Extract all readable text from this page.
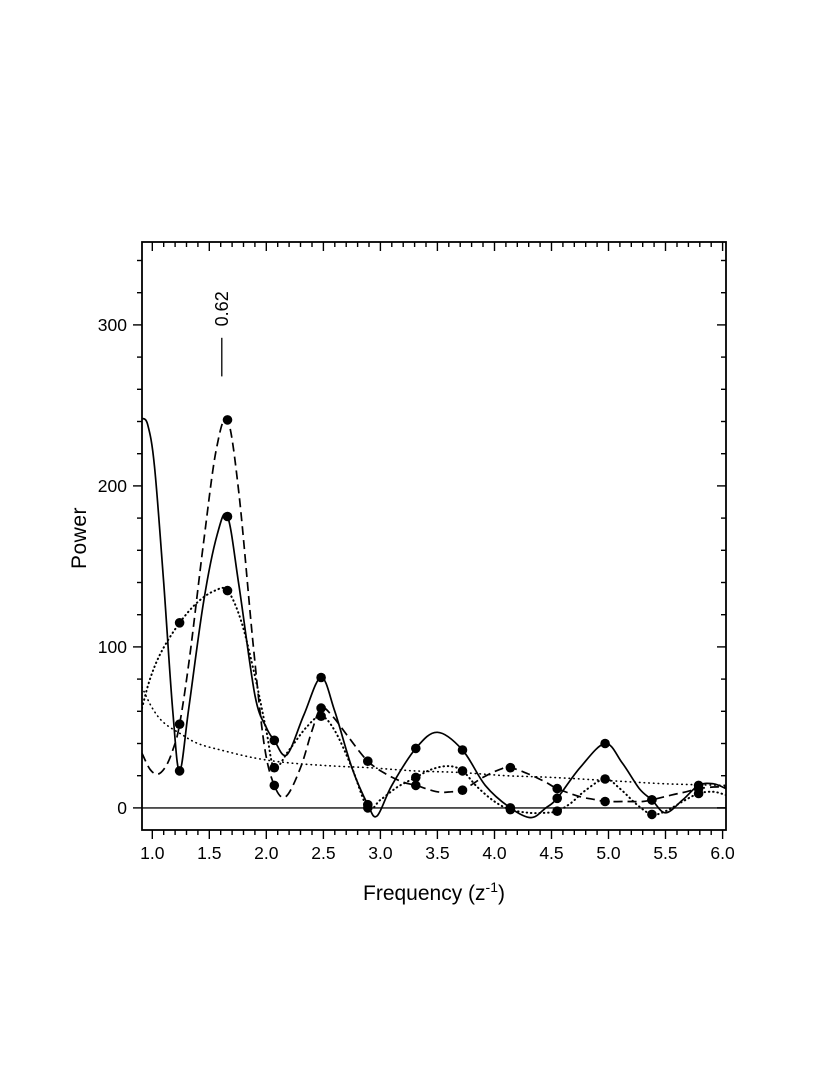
0.62
1.0 1.5 2.0 2.5 3.0 3.5 4.0 4.5 5.0 5.5 6.0
0
100
200
300
Power
Frequency $(z^{-1})$
